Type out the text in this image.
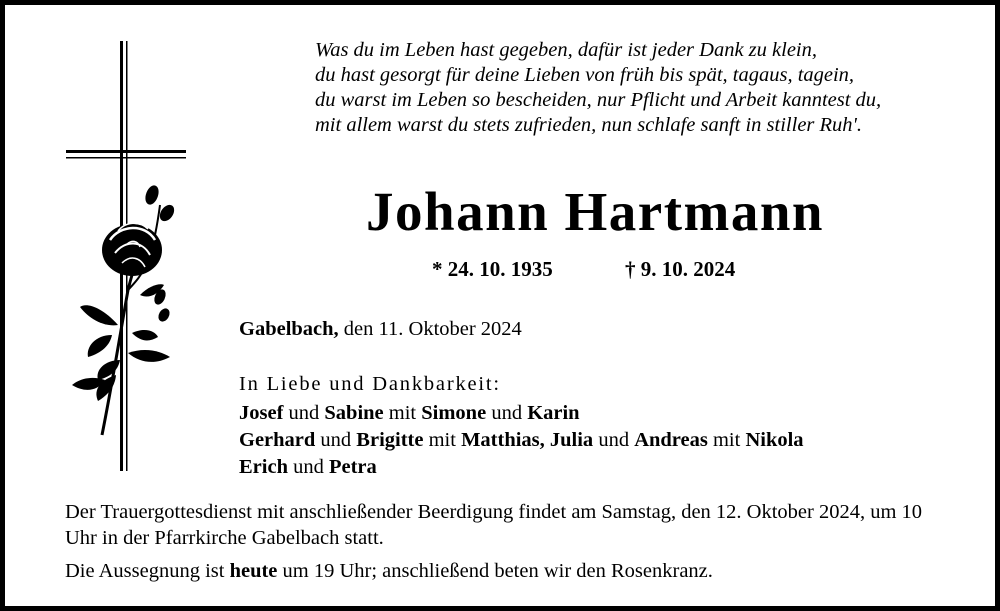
Was du im Leben hast gegeben, dafür ist jeder Dank zu klein,
du hast gesorgt für deine Lieben von früh bis spät, tagaus, tagein,
du warst im Leben so bescheiden, nur Pflicht und Arbeit kanntest du,
mit allem warst du stets zufrieden, nun schlafe sanft in stiller Ruh'.
Johann Hartmann
* 24. 10. 1935	† 9. 10. 2024
Gabelbach, den 11. Oktober 2024
In Liebe und Dankbarkeit:
Josef und Sabine mit Simone und Karin
Gerhard und Brigitte mit Matthias, Julia und Andreas mit Nikola
Erich und Petra
Der Trauergottesdienst mit anschließender Beerdigung findet am Samstag, den 12. Oktober 2024, um 10 Uhr in der Pfarrkirche Gabelbach statt.
Die Aussegnung ist heute um 19 Uhr; anschließend beten wir den Rosenkranz.
